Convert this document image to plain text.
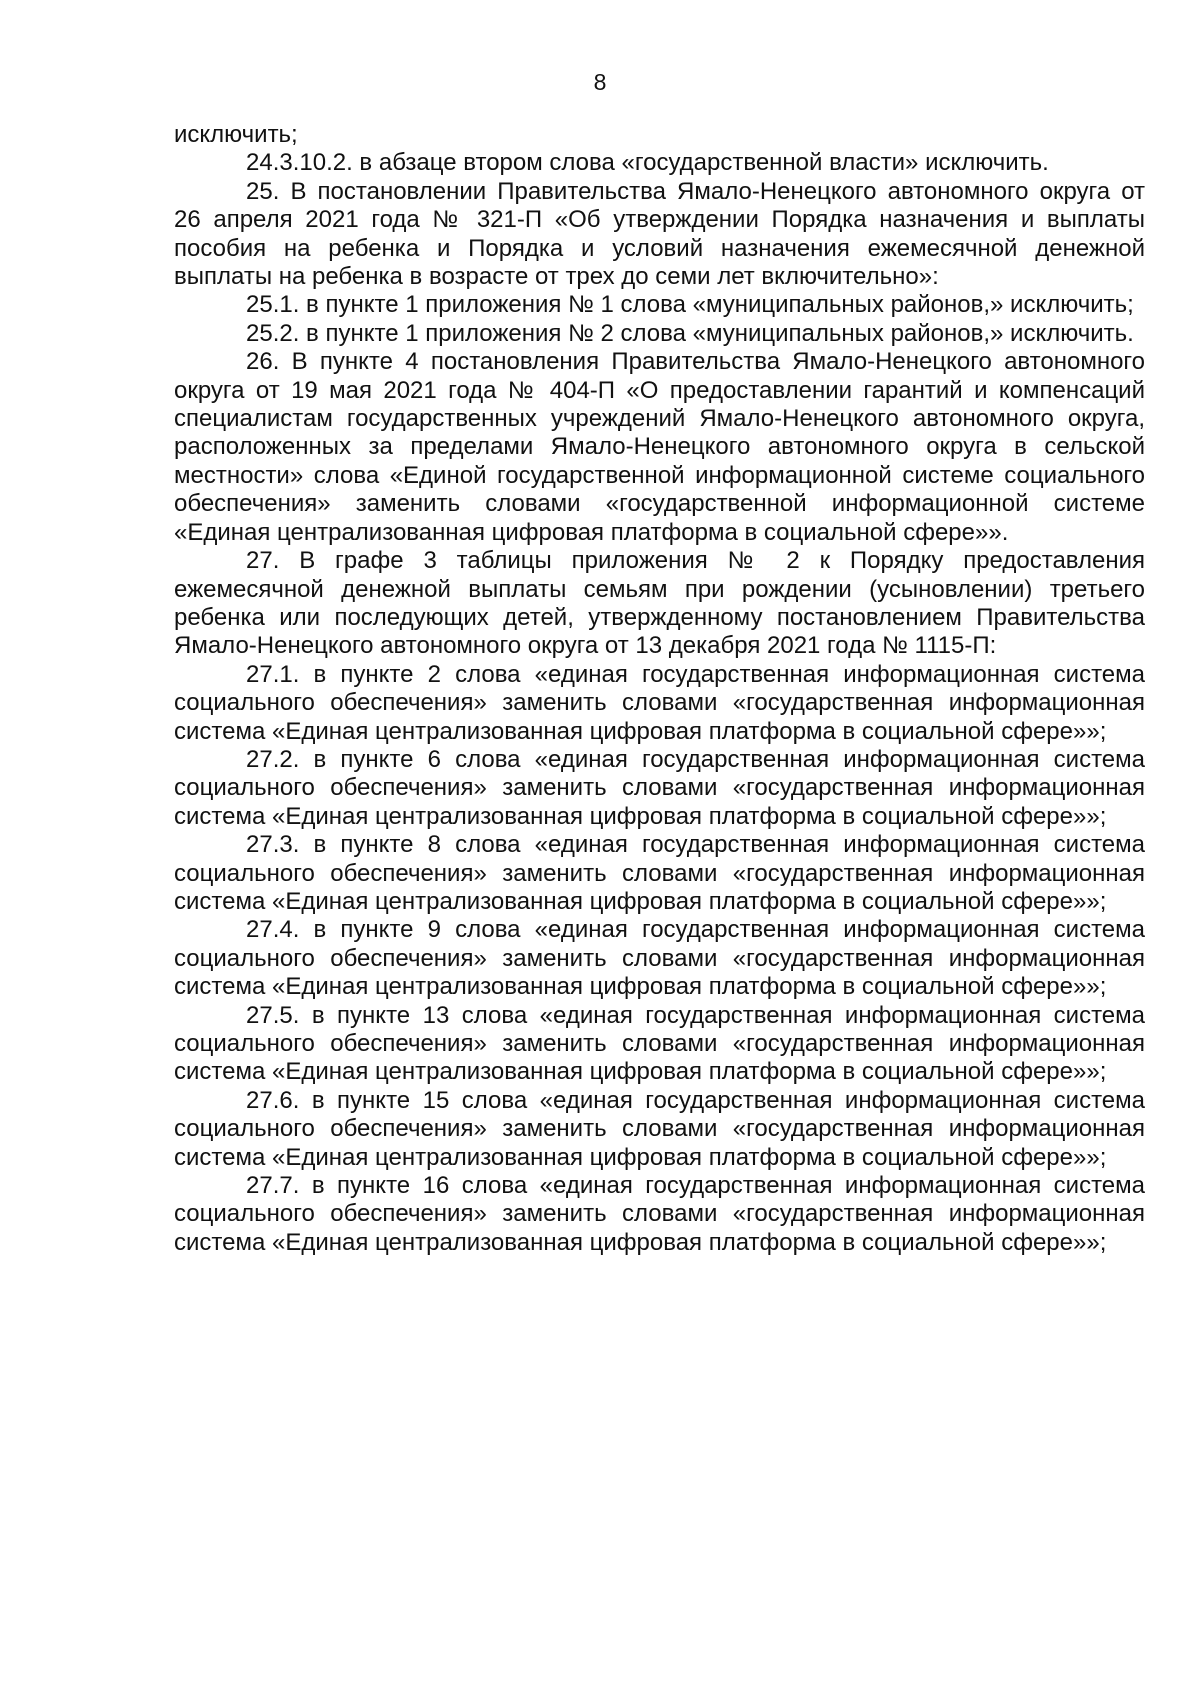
8

исключить;

24.3.10.2. в абзаце втором слова «государственной власти» исключить.

25. В постановлении Правительства Ямало-Ненецкого автономного округа от 26 апреля 2021 года № 321-П «Об утверждении Порядка назначения и выплаты пособия на ребенка и Порядка и условий назначения ежемесячной денежной выплаты на ребенка в возрасте от трех до семи лет включительно»:

25.1. в пункте 1 приложения № 1 слова «муниципальных районов,» исключить;

25.2. в пункте 1 приложения № 2 слова «муниципальных районов,» исключить.

26. В пункте 4 постановления Правительства Ямало-Ненецкого автономного округа от 19 мая 2021 года № 404-П «О предоставлении гарантий и компенсаций специалистам государственных учреждений Ямало-Ненецкого автономного округа, расположенных за пределами Ямало-Ненецкого автономного округа в сельской местности» слова «Единой государственной информационной системе социального обеспечения» заменить словами «государственной информационной системе «Единая централизованная цифровая платформа в социальной сфере»».

27. В графе 3 таблицы приложения № 2 к Порядку предоставления ежемесячной денежной выплаты семьям при рождении (усыновлении) третьего ребенка или последующих детей, утвержденному постановлением Правительства Ямало-Ненецкого автономного округа от 13 декабря 2021 года № 1115-П:

27.1. в пункте 2 слова «единая государственная информационная система социального обеспечения» заменить словами «государственная информационная система «Единая централизованная цифровая платформа в социальной сфере»»;

27.2. в пункте 6 слова «единая государственная информационная система социального обеспечения» заменить словами «государственная информационная система «Единая централизованная цифровая платформа в социальной сфере»»;

27.3. в пункте 8 слова «единая государственная информационная система социального обеспечения» заменить словами «государственная информационная система «Единая централизованная цифровая платформа в социальной сфере»»;

27.4. в пункте 9 слова «единая государственная информационная система социального обеспечения» заменить словами «государственная информационная система «Единая централизованная цифровая платформа в социальной сфере»»;

27.5. в пункте 13 слова «единая государственная информационная система социального обеспечения» заменить словами «государственная информационная система «Единая централизованная цифровая платформа в социальной сфере»»;

27.6. в пункте 15 слова «единая государственная информационная система социального обеспечения» заменить словами «государственная информационная система «Единая централизованная цифровая платформа в социальной сфере»»;

27.7. в пункте 16 слова «единая государственная информационная система социального обеспечения» заменить словами «государственная информационная система «Единая централизованная цифровая платформа в социальной сфере»»;
